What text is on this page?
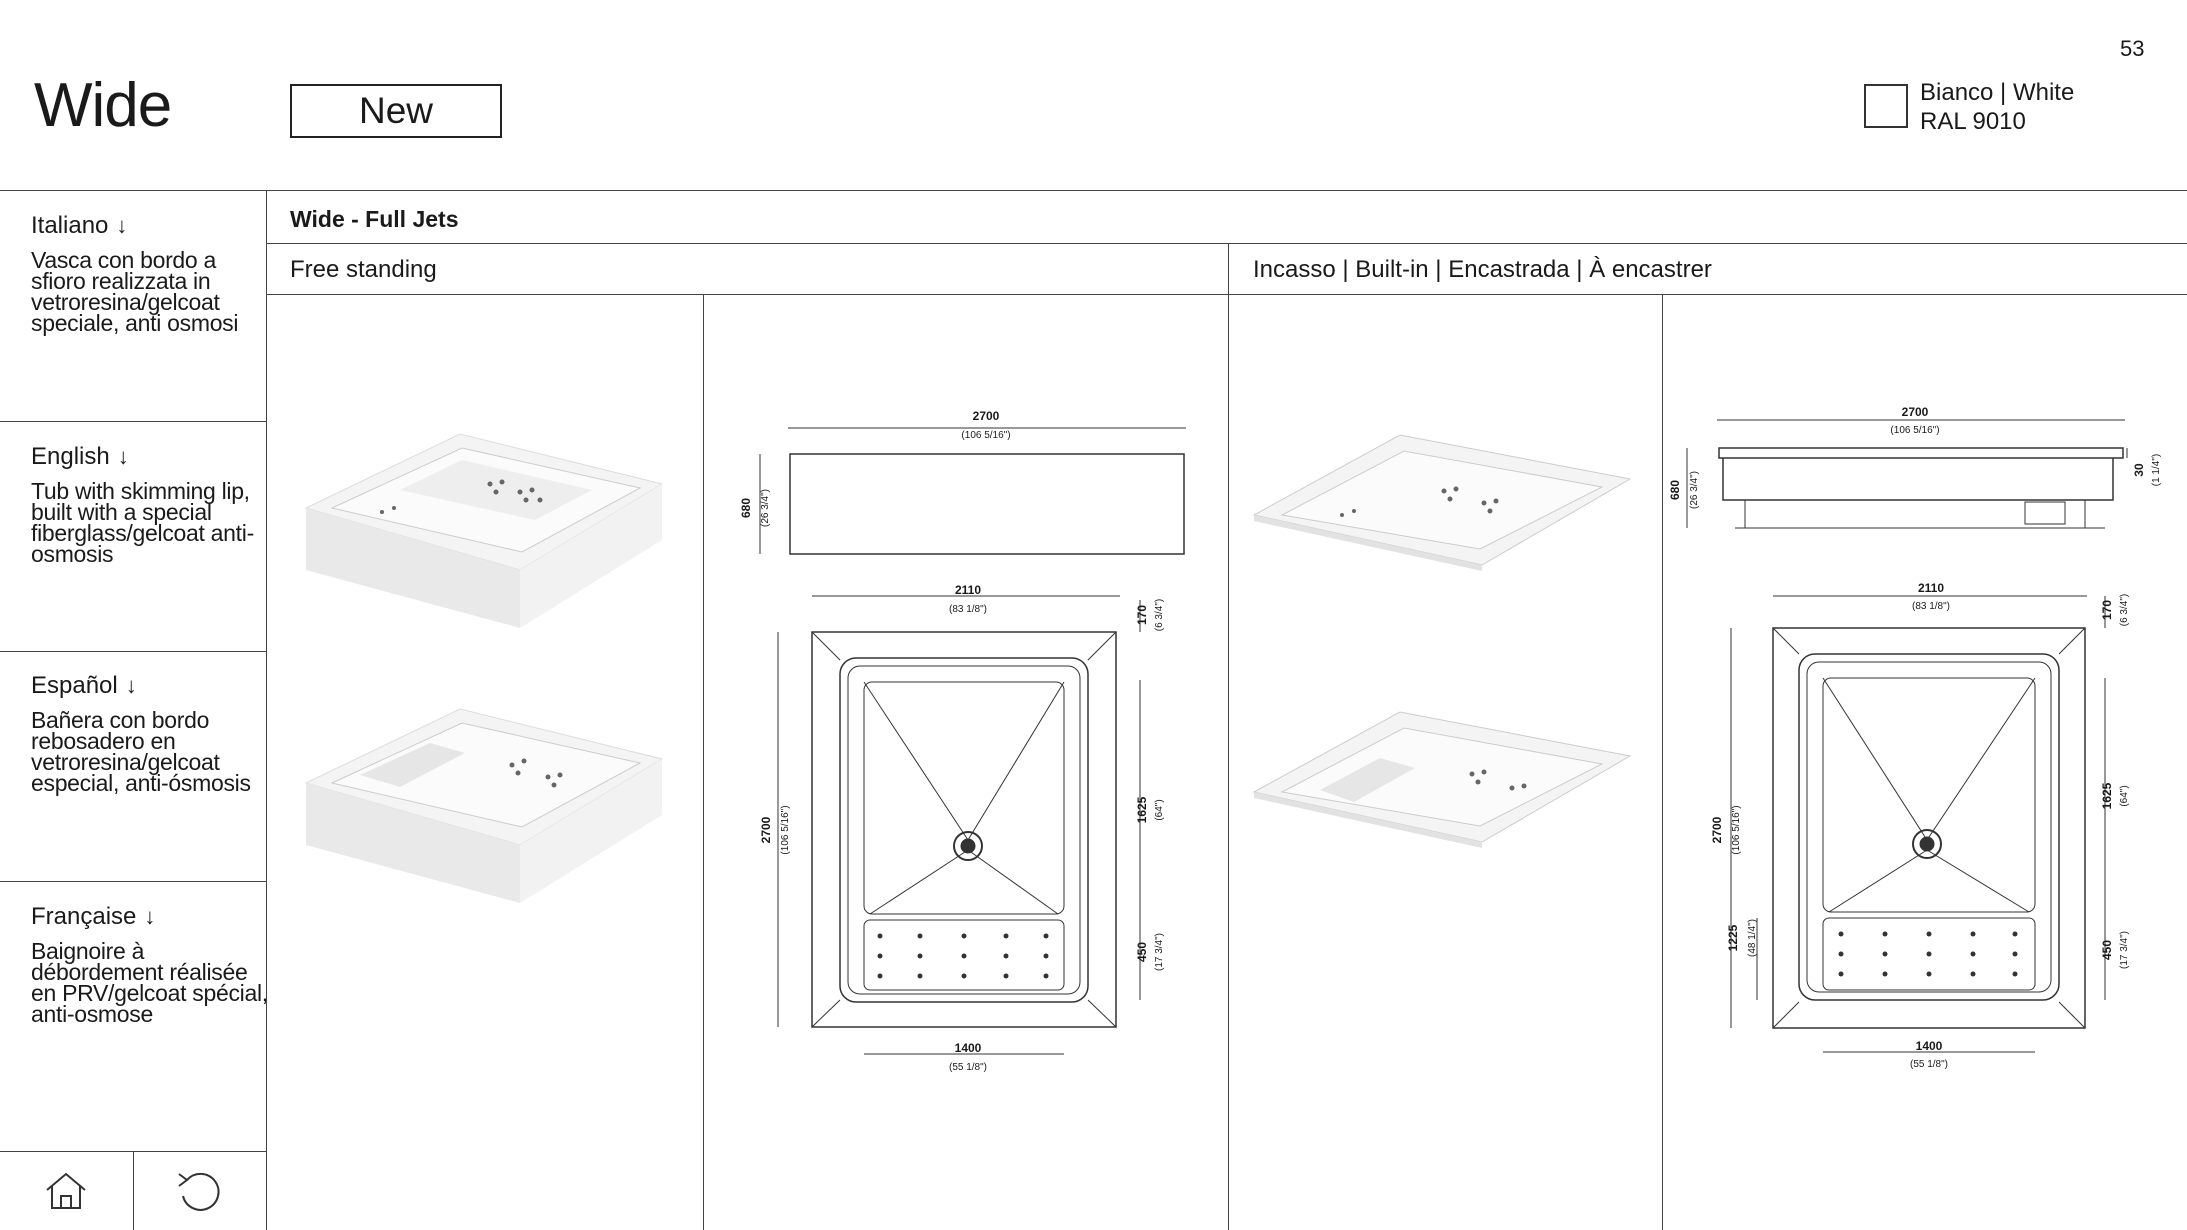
Wide	New
53
Bianco | White
RAL 9010
Italiano ↓
Vasca con bordo a sfioro realizzata in vetroresina/gelcoat speciale, anti osmosi
English ↓
Tub with skimming lip, built with a special fiberglass/gelcoat anti-osmosis
Español ↓
Bañera con bordo rebosadero en vetroresina/gelcoat especial, anti-ósmosis
Française ↓
Baignoire à débordement réalisée en PRV/gelcoat spécial, anti-osmose
Wide - Full Jets
Free standing	Incasso | Built-in | Encastrada | À encastrer
2700
(106 5/16")
680 (26 3/4")
2110
(83 1/8")	170 (6 3/4")
2700 (106 5/16")	1625 (64")
450 (17 3/4")
1400
(55 1/8")
2700
(106 5/16")
680 (26 3/4")
30 (1 1/4")
2110
(83 1/8")	170 (6 3/4")
2700 (106 5/16")
1225 (48 1/4")
1625 (64")
450 (17 3/4")
1400
(55 1/8")
